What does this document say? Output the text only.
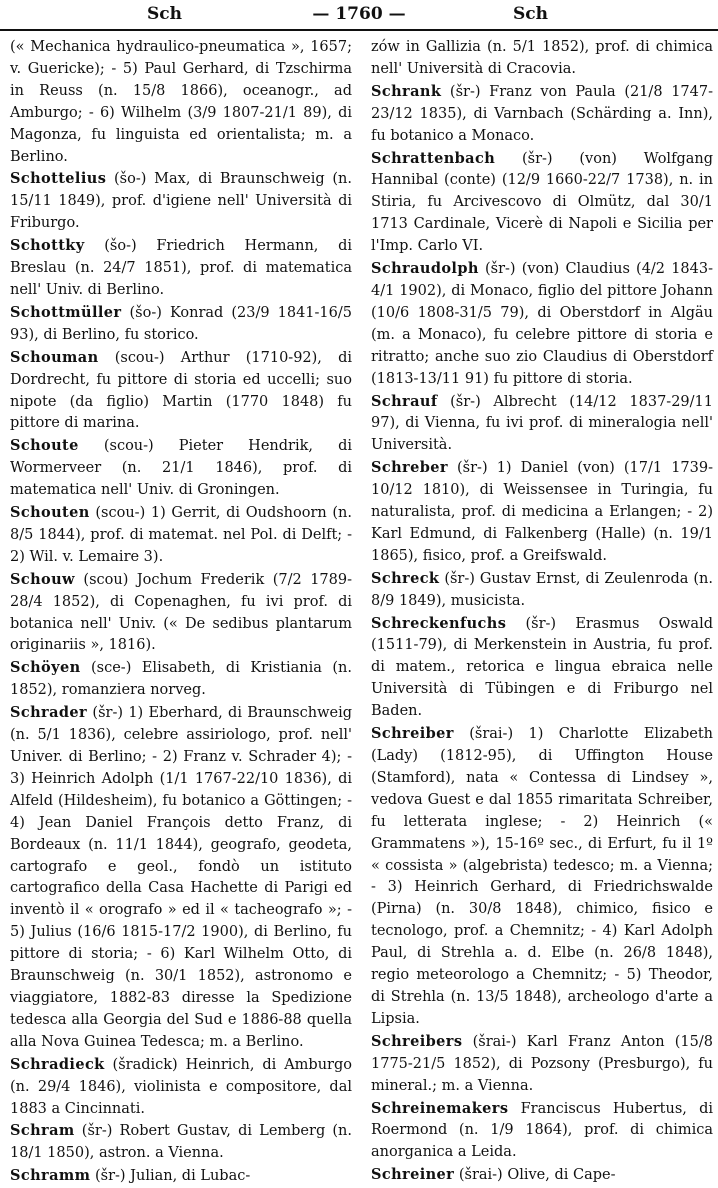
Sch	— 1760 —	Sch

(« Mechanica hydraulico-pneumatica », 1657; v. Guericke); - 5) Paul Gerhard, di Tzschirma in Reuss (n. 15/8 1866), oceanogr., ad Amburgo; - 6) Wilhelm (3/9 1807-21/1 89), di Magonza, fu linguista ed orientalista; m. a Berlino.

Schottelius (šo-) Max, di Braunschweig (n. 15/11 1849), prof. d'igiene nell' Università di Friburgo.

Schottky (šo-) Friedrich Hermann, di Breslau (n. 24/7 1851), prof. di matematica nell' Univ. di Berlino.

Schottmüller (šo-) Konrad (23/9 1841-16/5 93), di Berlino, fu storico.

Schouman (scou-) Arthur (1710-92), di Dordrecht, fu pittore di storia ed uccelli; suo nipote (da figlio) Martin (1770 1848) fu pittore di marina.

Schoute (scou-) Pieter Hendrik, di Wormerveer (n. 21/1 1846), prof. di matematica nell' Univ. di Groningen.

Schouten (scou-) 1) Gerrit, di Oudshoorn (n. 8/5 1844), prof. di matemat. nel Pol. di Delft; - 2) Wil. v. Lemaire 3).

Schouw (scou) Jochum Frederik (7/2 1789-28/4 1852), di Copenaghen, fu ivi prof. di botanica nell' Univ. (« De sedibus plantarum originariis », 1816).

Schöyen (sce-) Elisabeth, di Kristiania (n. 1852), romanziera norveg.

Schrader (šr-) 1) Eberhard, di Braunschweig (n. 5/1 1836), celebre assiriologo, prof. nell' Univer. di Berlino; - 2) Franz v. Schrader 4); - 3) Heinrich Adolph (1/1 1767-22/10 1836), di Alfeld (Hildesheim), fu botanico a Göttingen; - 4) Jean Daniel François detto Franz, di Bordeaux (n. 11/1 1844), geografo, geodeta, cartografo e geol., fondò un istituto cartografico della Casa Hachette di Parigi ed inventò il « orografo » ed il « tacheografo »; - 5) Julius (16/6 1815-17/2 1900), di Berlino, fu pittore di storia; - 6) Karl Wilhelm Otto, di Braunschweig (n. 30/1 1852), astronomo e viaggiatore, 1882-83 diresse la Spedizione tedesca alla Georgia del Sud e 1886-88 quella alla Nova Guinea Tedesca; m. a Berlino.

Schradieck (šradick) Heinrich, di Amburgo (n. 29/4 1846), violinista e compositore, dal 1883 a Cincinnati.

Schram (šr-) Robert Gustav, di Lemberg (n. 18/1 1850), astron. a Vienna.

Schramm (šr-) Julian, di Lubac-

zów in Gallizia (n. 5/1 1852), prof. di chimica nell' Università di Cracovia.

Schrank (šr-) Franz von Paula (21/8 1747-23/12 1835), di Varnbach (Schärding a. Inn), fu botanico a Monaco.

Schrattenbach (šr-) (von) Wolfgang Hannibal (conte) (12/9 1660-22/7 1738), n. in Stiria, fu Arcivescovo di Olmütz, dal 30/1 1713 Cardinale, Vicerè di Napoli e Sicilia per l'Imp. Carlo VI.

Schraudolph (šr-) (von) Claudius (4/2 1843-4/1 1902), di Monaco, figlio del pittore Johann (10/6 1808-31/5 79), di Oberstdorf in Algäu (m. a Monaco), fu celebre pittore di storia e ritratto; anche suo zio Claudius di Oberstdorf (1813-13/11 91) fu pittore di storia.

Schrauf (šr-) Albrecht (14/12 1837-29/11 97), di Vienna, fu ivi prof. di mineralogia nell' Università.

Schreber (šr-) 1) Daniel (von) (17/1 1739-10/12 1810), di Weissensee in Turingia, fu naturalista, prof. di medicina a Erlangen; - 2) Karl Edmund, di Falkenberg (Halle) (n. 19/1 1865), fisico, prof. a Greifswald.

Schreck (šr-) Gustav Ernst, di Zeulenroda (n. 8/9 1849), musicista.

Schreckenfuchs (šr-) Erasmus Oswald (1511-79), di Merkenstein in Austria, fu prof. di matem., retorica e lingua ebraica nelle Università di Tübingen e di Friburgo nel Baden.

Schreiber (šrai-) 1) Charlotte Elizabeth (Lady) (1812-95), di Uffington House (Stamford), nata « Contessa di Lindsey », vedova Guest e dal 1855 rimaritata Schreiber, fu letterata inglese; - 2) Heinrich (« Grammatens »), 15-16º sec., di Erfurt, fu il 1º « cossista » (algebrista) tedesco; m. a Vienna; - 3) Heinrich Gerhard, di Friedrichswalde (Pirna) (n. 30/8 1848), chimico, fisico e tecnologo, prof. a Chemnitz; - 4) Karl Adolph Paul, di Strehla a. d. Elbe (n. 26/8 1848), regio meteorologo a Chemnitz; - 5) Theodor, di Strehla (n. 13/5 1848), archeologo d'arte a Lipsia.

Schreibers (šrai-) Karl Franz Anton (15/8 1775-21/5 1852), di Pozsony (Presburgo), fu mineral.; m. a Vienna.

Schreinemakers Franciscus Hubertus, di Roermond (n. 1/9 1864), prof. di chimica anorganica a Leida.

Schreiner (šrai-) Olive, di Cape-
